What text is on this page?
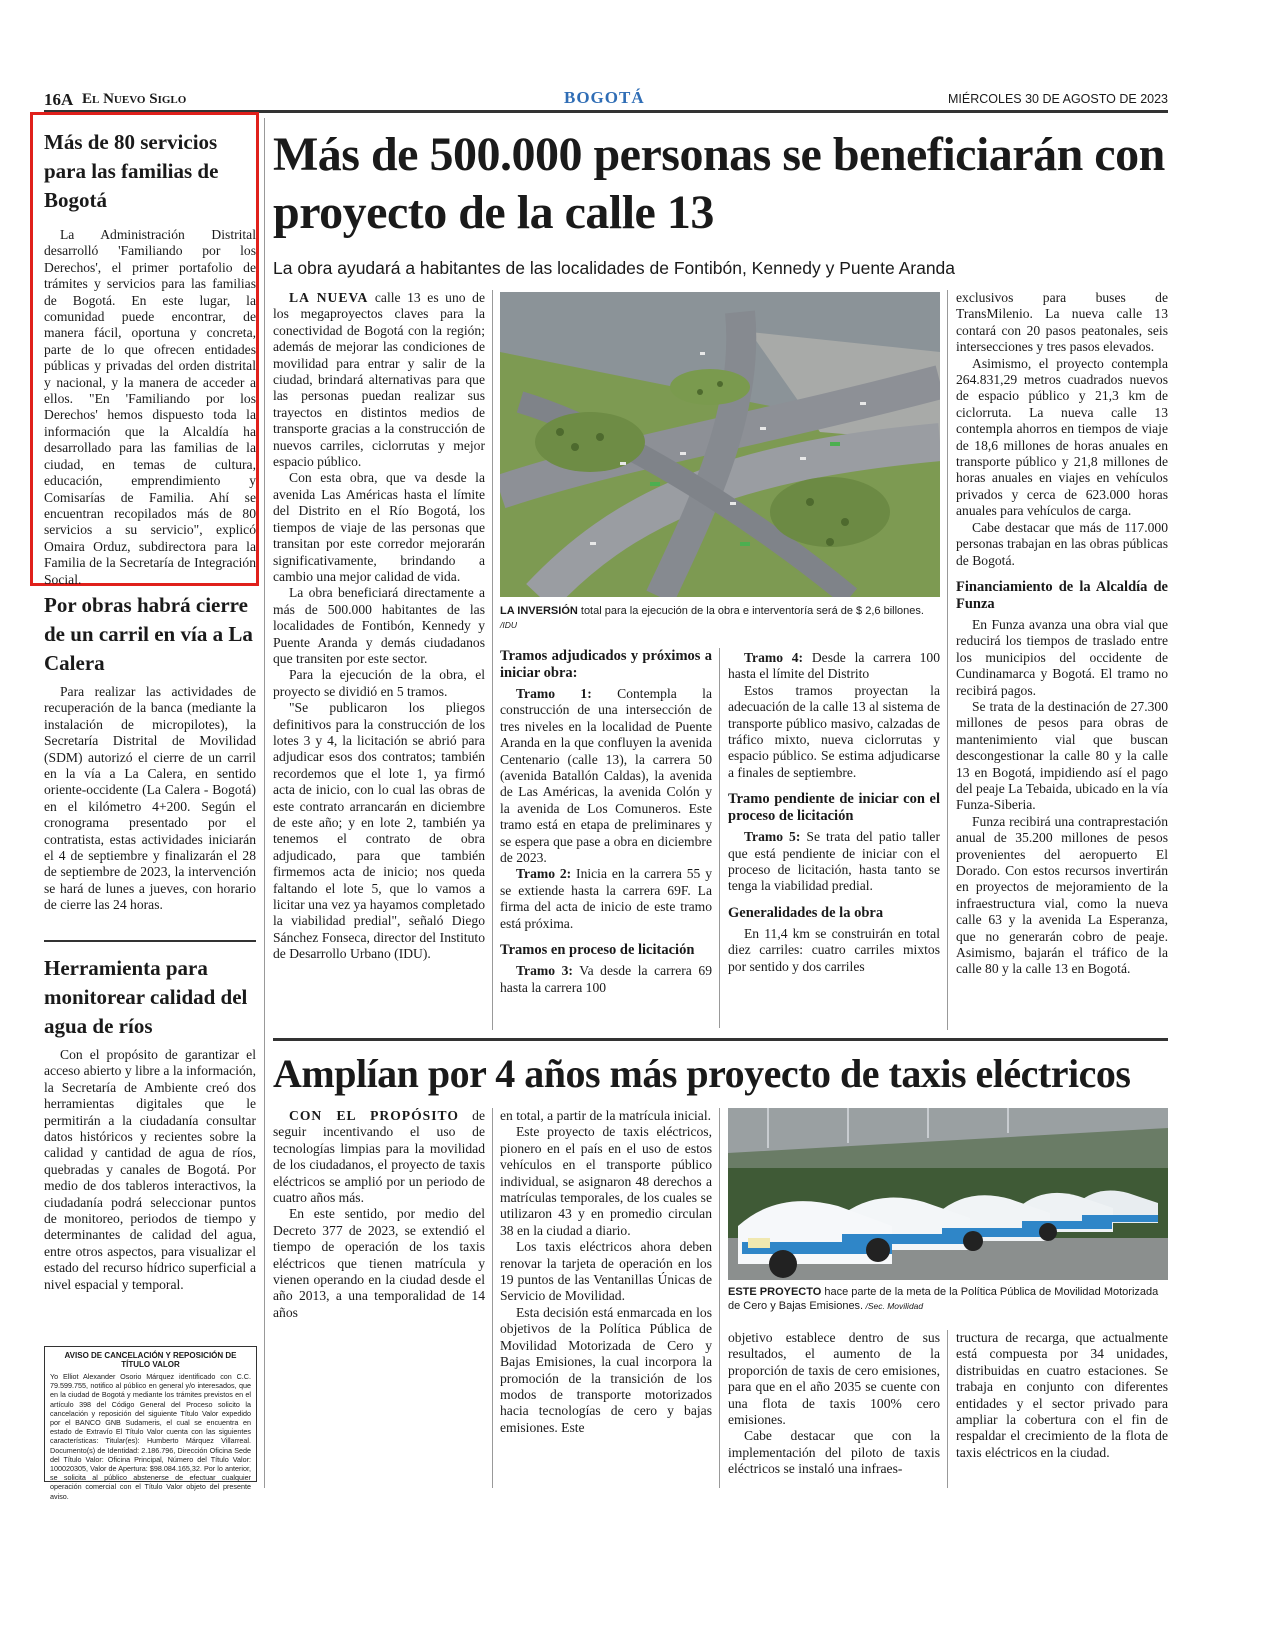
16A El Nuevo Siglo	BOGOTÁ	MIÉRCOLES 30 DE AGOSTO DE 2023
Más de 80 servicios para las familias de Bogotá

La Administración Distrital desarrolló 'Familiando por los Derechos', el primer portafolio de trámites y servicios para las familias de Bogotá. En este lugar, la comunidad puede encontrar, de manera fácil, oportuna y concreta, parte de lo que ofrecen entidades públicas y privadas del orden distrital y nacional, y la manera de acceder a ellos. "En 'Familiando por los Derechos' hemos dispuesto toda la información que la Alcaldía ha desarrollado para las familias de la ciudad, en temas de cultura, educación, emprendimiento y Comisarías de Familia. Ahí se encuentran recopilados más de 80 servicios a su servicio", explicó Omaira Orduz, subdirectora para la Familia de la Secretaría de Integración Social.

Por obras habrá cierre de un carril en vía a La Calera

Para realizar las actividades de recuperación de la banca (mediante la instalación de micropilotes), la Secretaría Distrital de Movilidad (SDM) autorizó el cierre de un carril en la vía a La Calera, en sentido oriente-occidente (La Calera - Bogotá) en el kilómetro 4+200. Según el cronograma presentado por el contratista, estas actividades iniciarán el 4 de septiembre y finalizarán el 28 de septiembre de 2023, la intervención se hará de lunes a jueves, con horario de cierre las 24 horas.

Herramienta para monitorear calidad del agua de ríos

Con el propósito de garantizar el acceso abierto y libre a la información, la Secretaría de Ambiente creó dos herramientas digitales que le permitirán a la ciudadanía consultar datos históricos y recientes sobre la calidad y cantidad de agua de ríos, quebradas y canales de Bogotá. Por medio de dos tableros interactivos, la ciudadanía podrá seleccionar puntos de monitoreo, periodos de tiempo y determinantes de calidad del agua, entre otros aspectos, para visualizar el estado del recurso hídrico superficial a nivel espacial y temporal.

AVISO DE CANCELACIÓN Y REPOSICIÓN DE TÍTULO VALOR
Yo Elliot Alexander Osorio Márquez identificado con C.C. 79.599.755, notifico al público en general y/o interesados, que en la ciudad de Bogotá y mediante los trámites previstos en el artículo 398 del Código General del Proceso solicito la cancelación y reposición del siguiente Título Valor expedido por el BANCO GNB Sudameris, el cual se encuentra en estado de Extravío El Título Valor cuenta con las siguientes características: Titular(es): Humberto Márquez Villarreal. Documento(s) de Identidad: 2.186.796, Dirección Oficina Sede del Título Valor: Oficina Principal, Número del Título Valor: 100020305, Valor de Apertura: $98.084.165,32. Por lo anterior, se solicita al público abstenerse de efectuar cualquier operación comercial con el Título Valor objeto del presente aviso.
Más de 500.000 personas se beneficiarán con proyecto de la calle 13
La obra ayudará a habitantes de las localidades de Fontibón, Kennedy y Puente Aranda

LA NUEVA calle 13 es uno de los megaproyectos claves para la conectividad de Bogotá con la región; además de mejorar las condiciones de movilidad para entrar y salir de la ciudad, brindará alternativas para que las personas puedan realizar sus trayectos en distintos medios de transporte gracias a la construcción de nuevos carriles, ciclorrutas y mejor espacio público.

Con esta obra, que va desde la avenida Las Américas hasta el límite del Distrito en el Río Bogotá, los tiempos de viaje de las personas que transitan por este corredor mejorarán significativamente, brindando a cambio una mejor calidad de vida.

La obra beneficiará directamente a más de 500.000 habitantes de las localidades de Fontibón, Kennedy y Puente Aranda y demás ciudadanos que transiten por este sector.

Para la ejecución de la obra, el proyecto se dividió en 5 tramos.

"Se publicaron los pliegos definitivos para la construcción de los lotes 3 y 4, la licitación se abrió para adjudicar esos dos contratos; también recordemos que el lote 1, ya firmó acta de inicio, con lo cual las obras de este contrato arrancarán en diciembre de este año; y en lote 2, también ya tenemos el contrato de obra adjudicado, para que también firmemos acta de inicio; nos queda faltando el lote 5, que lo vamos a licitar una vez ya hayamos completado la viabilidad predial", señaló Diego Sánchez Fonseca, director del Instituto de Desarrollo Urbano (IDU).

LA INVERSIÓN total para la ejecución de la obra e interventoría será de $ 2,6 billones. /IDU
Tramos adjudicados y próximos a iniciar obra:

Tramo 1: Contempla la construcción de una intersección de tres niveles en la localidad de Puente Aranda en la que confluyen la avenida Centenario (calle 13), la carrera 50 (avenida Batallón Caldas), la avenida de Las Américas, la avenida Colón y la avenida de Los Comuneros. Este tramo está en etapa de preliminares y se espera que pase a obra en diciembre de 2023.

Tramo 2: Inicia en la carrera 55 y se extiende hasta la carrera 69F. La firma del acta de inicio de este tramo está próxima.

Tramos en proceso de licitación

Tramo 3: Va desde la carrera 69 hasta la carrera 100

Tramo 4: Desde la carrera 100 hasta el límite del Distrito

Estos tramos proyectan la adecuación de la calle 13 al sistema de transporte público masivo, calzadas de tráfico mixto, nueva ciclorrutas y espacio público. Se estima adjudicarse a finales de septiembre.

Tramo pendiente de iniciar con el proceso de licitación

Tramo 5: Se trata del patio taller que está pendiente de iniciar con el proceso de licitación, hasta tanto se tenga la viabilidad predial.

Generalidades de la obra

En 11,4 km se construirán en total diez carriles: cuatro carriles mixtos por sentido y dos carriles

exclusivos para buses de TransMilenio. La nueva calle 13 contará con 20 pasos peatonales, seis intersecciones y tres pasos elevados.

Asimismo, el proyecto contempla 264.831,29 metros cuadrados nuevos de espacio público y 21,3 km de ciclorruta. La nueva calle 13 contempla ahorros en tiempos de viaje de 18,6 millones de horas anuales en transporte público y 21,8 millones de horas anuales en viajes en vehículos privados y cerca de 623.000 horas anuales para vehículos de carga.

Cabe destacar que más de 117.000 personas trabajan en las obras públicas de Bogotá.

Financiamiento de la Alcaldía de Funza

En Funza avanza una obra vial que reducirá los tiempos de traslado entre los municipios del occidente de Cundinamarca y Bogotá. El tramo no recibirá pagos.

Se trata de la destinación de 27.300 millones de pesos para obras de mantenimiento vial que buscan descongestionar la calle 80 y la calle 13 en Bogotá, impidiendo así el pago del peaje La Tebaida, ubicado en la vía Funza-Siberia.

Funza recibirá una contraprestación anual de 35.200 millones de pesos provenientes del aeropuerto El Dorado. Con estos recursos invertirán en proyectos de mejoramiento de la infraestructura vial, como la nueva calle 63 y la avenida La Esperanza, que no generarán cobro de peaje. Asimismo, bajarán el tráfico de la calle 80 y la calle 13 en Bogotá.

Amplían por 4 años más proyecto de taxis eléctricos

CON EL PROPÓSITO de seguir incentivando el uso de tecnologías limpias para la movilidad de los ciudadanos, el proyecto de taxis eléctricos se amplió por un periodo de cuatro años más.

En este sentido, por medio del Decreto 377 de 2023, se extendió el tiempo de operación de los taxis eléctricos que tienen matrícula y vienen operando en la ciudad desde el año 2013, a una temporalidad de 14 años

en total, a partir de la matrícula inicial.

Este proyecto de taxis eléctricos, pionero en el país en el uso de estos vehículos en el transporte público individual, se asignaron 48 derechos a matrículas temporales, de los cuales se utilizaron 43 y en promedio circulan 38 en la ciudad a diario.

Los taxis eléctricos ahora deben renovar la tarjeta de operación en los 19 puntos de las Ventanillas Únicas de Servicio de Movilidad.

Esta decisión está enmarcada en los objetivos de la Política Pública de Movilidad Motorizada de Cero y Bajas Emisiones, la cual incorpora la promoción de la transición de los modos de transporte motorizados hacia tecnologías de cero y bajas emisiones. Este

ESTE PROYECTO hace parte de la meta de la Política Pública de Movilidad Motorizada de Cero y Bajas Emisiones. /Sec. Movilidad

objetivo establece dentro de sus resultados, el aumento de la proporción de taxis de cero emisiones, para que en el año 2035 se cuente con una flota de taxis 100% cero emisiones.

Cabe destacar que con la implementación del piloto de taxis eléctricos se instaló una infraes-

tructura de recarga, que actualmente está compuesta por 34 unidades, distribuidas en cuatro estaciones. Se trabaja en conjunto con diferentes entidades y el sector privado para ampliar la cobertura con el fin de respaldar el crecimiento de la flota de taxis eléctricos en la ciudad.
